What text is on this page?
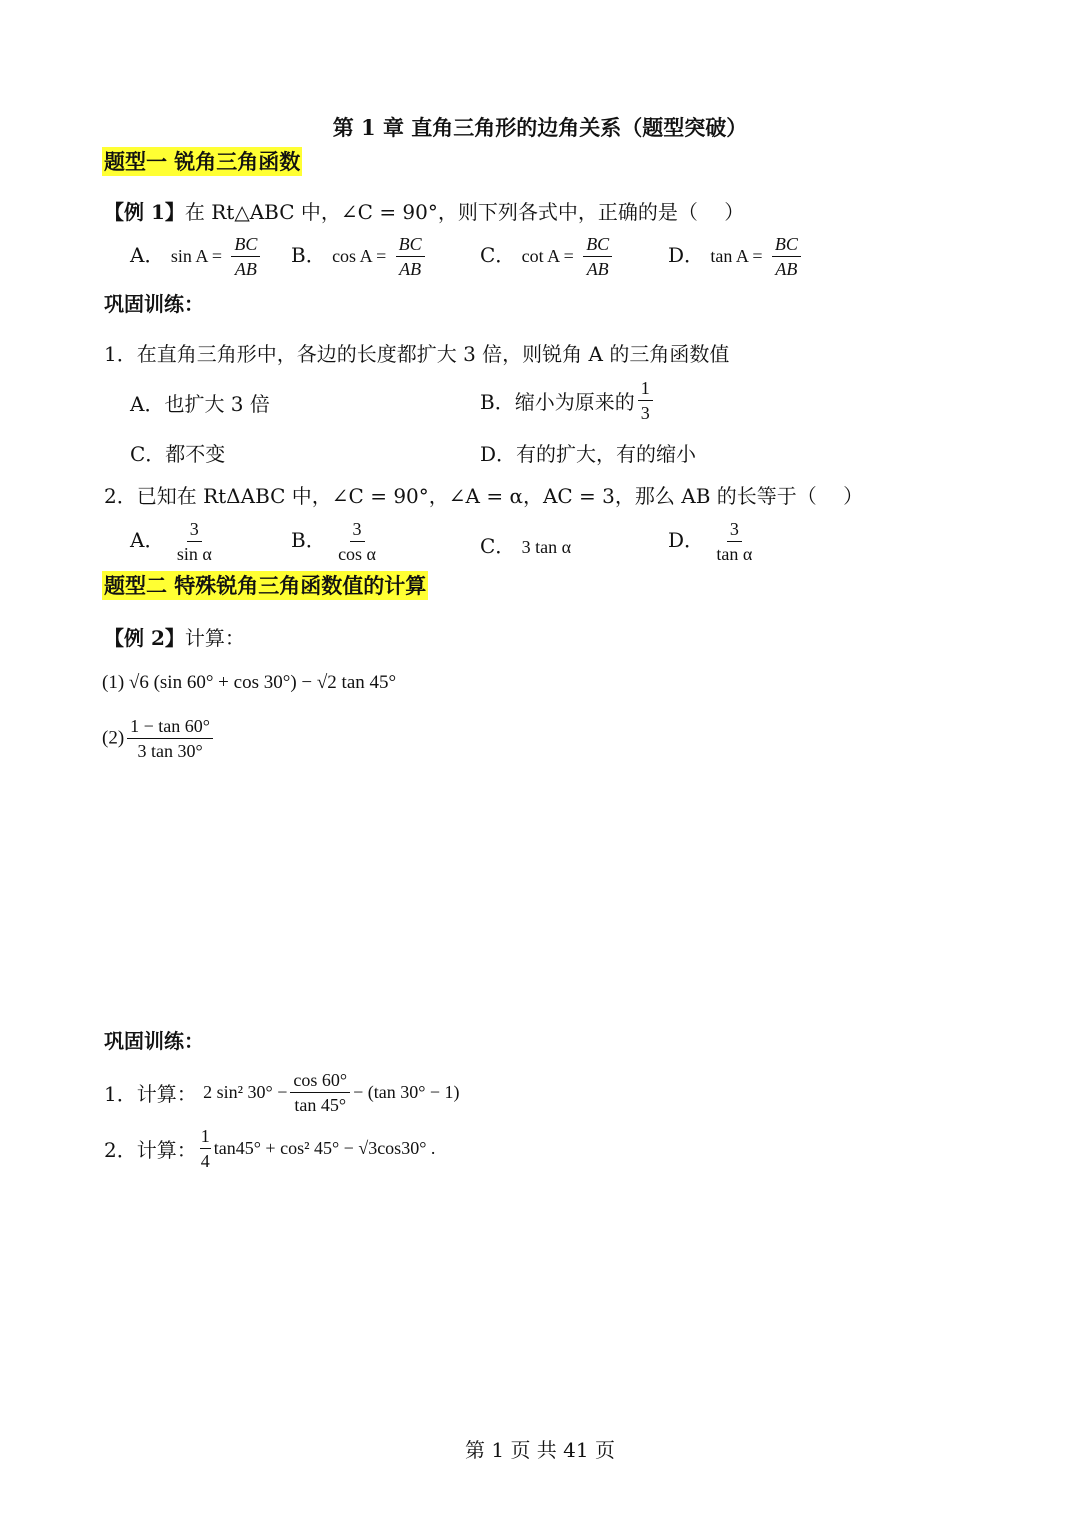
第 1 章 直角三角形的边角关系（题型突破）
题型一 锐角三角函数
【例 1】在 Rt△ABC 中，∠C = 90°，则下列各式中，正确的是（　 ）
A． $\sin A = \frac{BC}{AB}$ B． $\cos A = \frac{BC}{AB}$	C． $\cot A = \frac{BC}{AB}$	D． $\tan A = \frac{BC}{AB}$
巩固训练：
1．在直角三角形中，各边的长度都扩大 3 倍，则锐角 A 的三角函数值
A．也扩大 3 倍	B．缩小为原来的 $\frac{1}{3}$
C．都不变	D．有的扩大，有的缩小
2．已知在 RtΔABC 中，∠C = 90°，∠A = α，AC = 3，那么 AB 的长等于（　 ）
A． $\frac{3}{\text{sin α}}$	B． $\frac{3}{\text{cos α}}$	C． 3 tan α	D． $\frac{3}{\text{tan α}}$
题型二 特殊锐角三角函数值的计算
【例 2】计算：
(1) √6 (sin 60° + cos 30°) − √2 tan 45°
$(2) \frac{1 - \tan 60^\circ}{3 \tan 30^\circ}$
巩固训练：
1．计算： 2 sin² $30^\circ - \frac{\cos 60^\circ}{\tan 45^\circ} - (\tan$ 30° − 1)
2．计算： $\frac{1}{4} \tan 45^\circ + \cos^2$ 45° − √3cos30° .
第 1 页 共 41 页
